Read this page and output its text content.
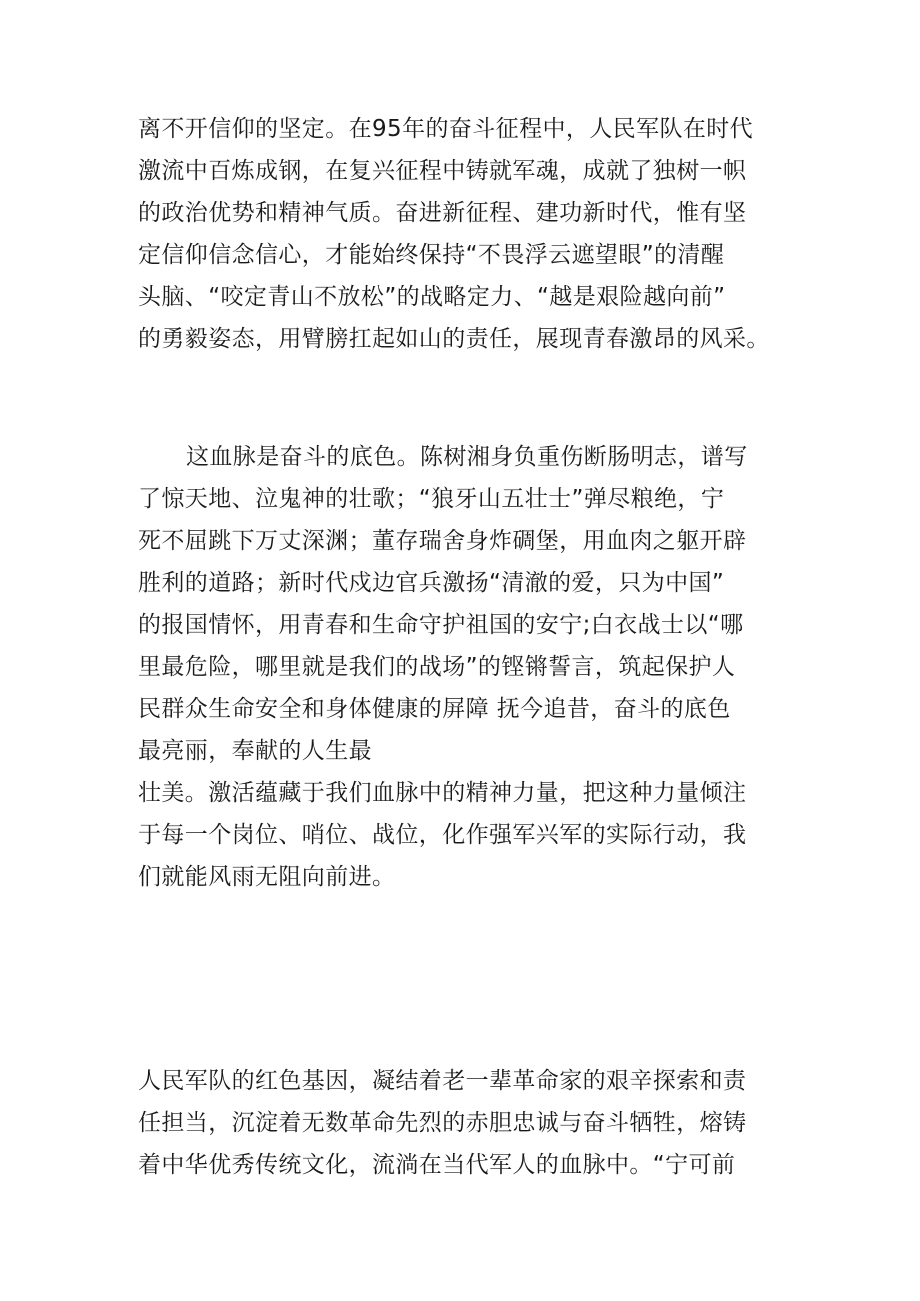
离不开信仰的坚定。在95年的奋斗征程中，人民军队在时代
激流中百炼成钢，在复兴征程中铸就军魂，成就了独树一帜
的政治优势和精神气质。奋进新征程、建功新时代，惟有坚
定信仰信念信心，才能始终保持“不畏浮云遮望眼”的清醒
头脑、“咬定青山不放松”的战略定力、“越是艰险越向前”
的勇毅姿态，用臂膀扛起如山的责任，展现青春激昂的风采。
这血脉是奋斗的底色。陈树湘身负重伤断肠明志，谱写
了惊天地、泣鬼神的壮歌；“狼牙山五壮士”弹尽粮绝，宁
死不屈跳下万丈深渊；董存瑞舍身炸碉堡，用血肉之躯开辟
胜利的道路；新时代戍边官兵激扬“清澈的爱，只为中国”
的报国情怀，用青春和生命守护祖国的安宁;白衣战士以“哪
里最危险，哪里就是我们的战场”的铿锵誓言，筑起保护人
民群众生命安全和身体健康的屏障 抚今追昔，奋斗的底色
最亮丽，奉献的人生最
壮美。激活蕴藏于我们血脉中的精神力量，把这种力量倾注
于每一个岗位、哨位、战位，化作强军兴军的实际行动，我
们就能风雨无阻向前进。
人民军队的红色基因，凝结着老一辈革命家的艰辛探索和责
任担当，沉淀着无数革命先烈的赤胆忠诚与奋斗牺牲，熔铸
着中华优秀传统文化，流淌在当代军人的血脉中。“宁可前
